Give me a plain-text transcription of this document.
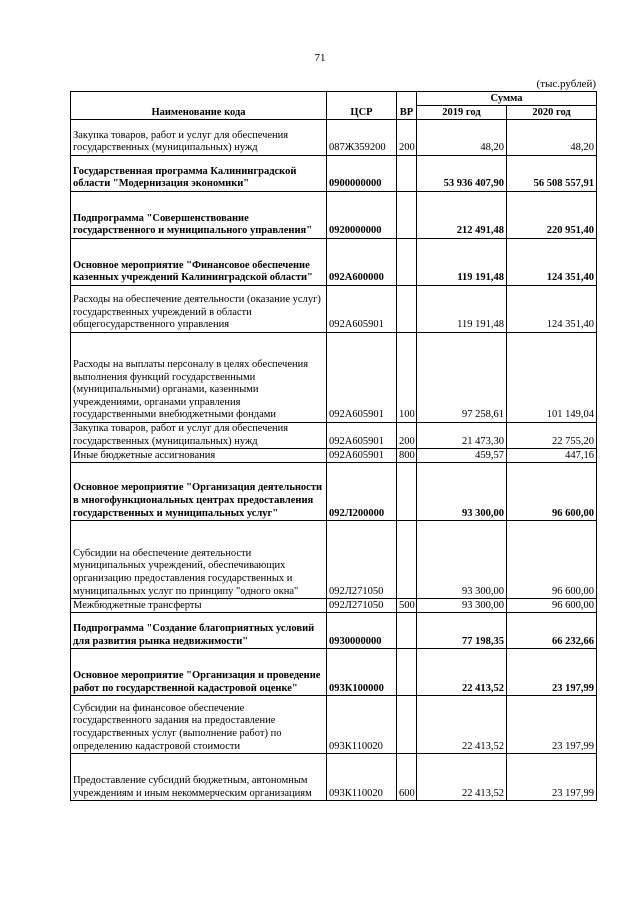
71
(тыс.рублей)
Наименование кода	ЦСР	ВР	Сумма	
			2019 год	2020 год
Закупка товаров, работ и услуг для обеспечения государственных (муниципальных) нужд	087Ж359200	200	48,20	48,20
Государственная программа Калининградской области "Модернизация экономики"	0900000000		53 936 407,90	56 508 557,91
Подпрограмма "Совершенствование государственного и муниципального управления"	0920000000		212 491,48	220 951,40
Основное мероприятие "Финансовое обеспечение казенных учреждений Калининградской области"	092А600000		119 191,48	124 351,40
Расходы на обеспечение деятельности (оказание услуг) государственных учреждений в области общегосударственного управления	092А605901		119 191,48	124 351,40
Расходы на выплаты персоналу в целях обеспечения выполнения функций государственными (муниципальными) органами, казенными учреждениями, органами управления государственными внебюджетными фондами	092А605901	100	97 258,61	101 149,04
Закупка товаров, работ и услуг для обеспечения государственных (муниципальных) нужд	092А605901	200	21 473,30	22 755,20
Иные бюджетные ассигнования	092А605901	800	459,57	447,16
Основное мероприятие "Организация деятельности в многофункциональных центрах предоставления государственных и муниципальных услуг"	092Л200000		93 300,00	96 600,00
Субсидии на обеспечение деятельности муниципальных учреждений, обеспечивающих организацию предоставления государственных и муниципальных услуг по принципу "одного окна"	092Л271050		93 300,00	96 600,00
Межбюджетные трансферты	092Л271050	500	93 300,00	96 600,00
Подпрограмма "Создание благоприятных условий для развития рынка недвижимости"	0930000000		77 198,35	66 232,66
Основное мероприятие "Организация и проведение работ по государственной кадастровой оценке"	093К100000		22 413,52	23 197,99
Субсидии на финансовое обеспечение государственного задания на предоставление государственных услуг (выполнение работ) по определению кадастровой стоимости	093К110020		22 413,52	23 197,99
Предоставление субсидий бюджетным, автономным учреждениям и иным некоммерческим организациям	093К110020	600	22 413,52	23 197,99
